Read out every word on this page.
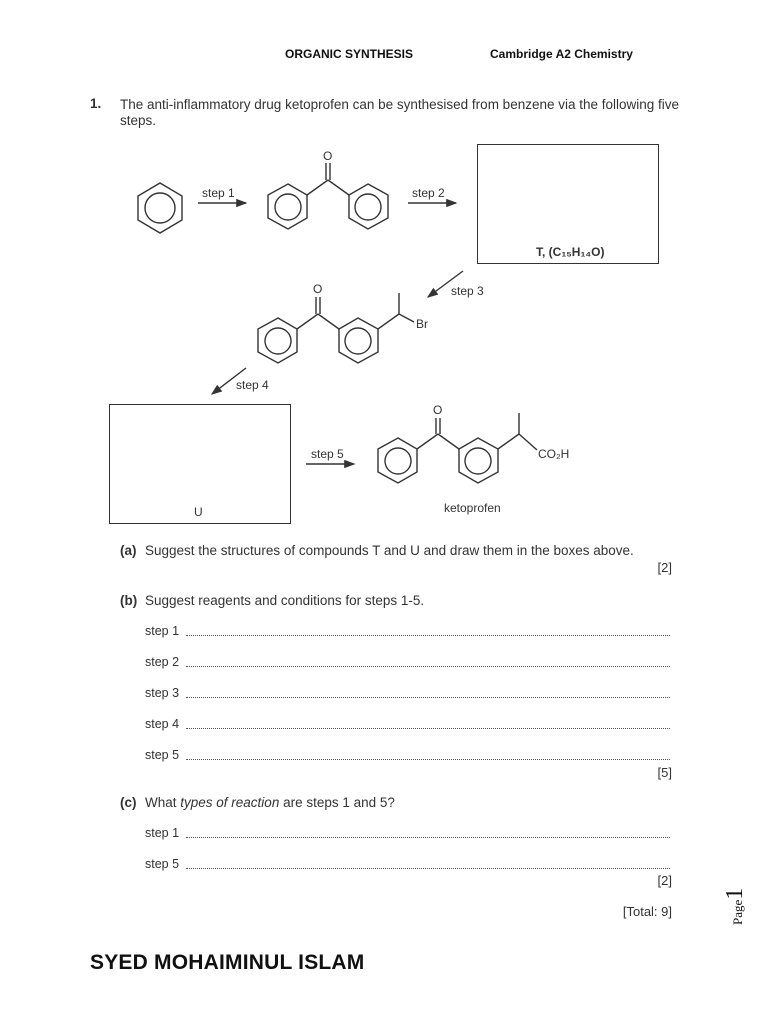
ORGANIC SYNTHESIS	Cambridge A2 Chemistry
1. The anti-inflammatory drug ketoprofen can be synthesised from benzene via the following five
steps.
step 1
O
step 2
step 3
O
Br
step 4
step 5
O
CO₂H
ketoprofen
T, (C₁₅H₁₄O)
U
(a) Suggest the structures of compounds T and U and draw them in the boxes above.
[2]
(b) Suggest reagents and conditions for steps 1-5.
step 1
step 2
step 3
step 4
step 5
[5]
(c) What types of reaction are steps 1 and 5?
step 1
step 5
[2]
[Total: 9]
SYED MOHAIMINUL ISLAM
Page1
